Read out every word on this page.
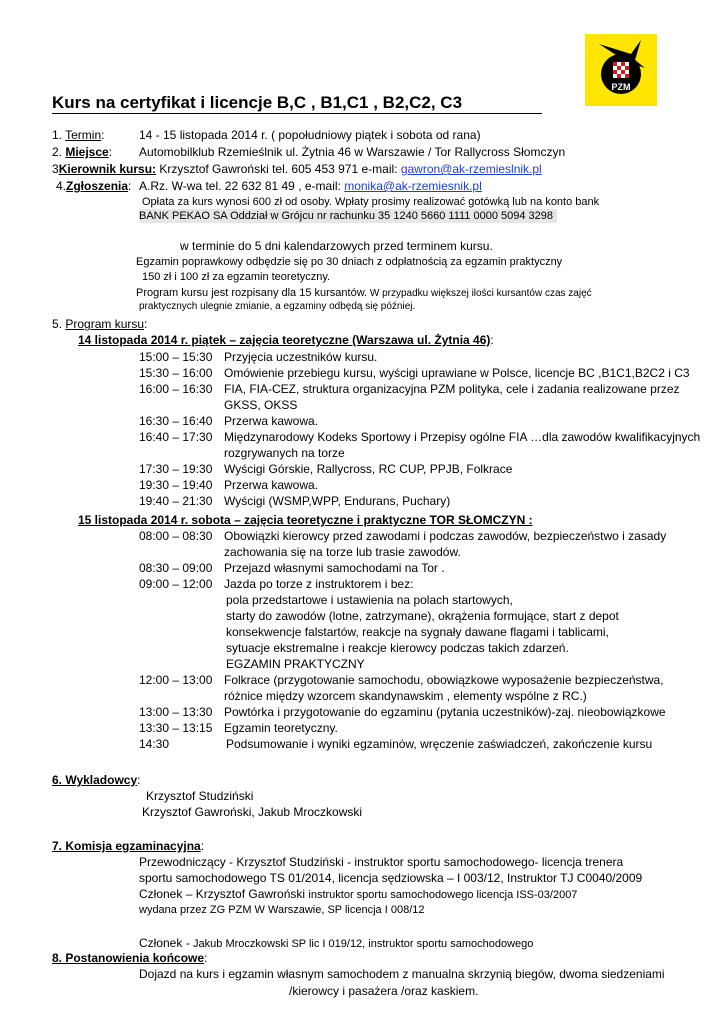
PZM
Kurs na certyfikat i licencje B,C , B1,C1 , B2,C2, C3
1. Termin:	14 - 15 listopada 2014 r. ( popołudniowy piątek i sobota od rana)
2. Miejsce: Automobilklub Rzemieślnik ul. Żytnia 46 w Warszawie / Tor Rallycross Słomczyn
3Kierownik kursu: Krzysztof Gawroński tel. 605 453 971 e-mail: gawron@ak-rzemieslnik.pl
4.Zgłoszenia: A.Rz. W-wa tel. 22 632 81 49 , e-mail: monika@ak-rzemiesnik.pl
Opłata za kurs wynosi 600 zł od osoby. Wpłaty prosimy realizować gotówką lub na konto bank
BANK PEKAO SA Oddział w Grójcu nr rachunku 35 1240 5660 1111 0000 5094 3298
w terminie do 5 dni kalendarzowych przed terminem kursu.
Egzamin poprawkowy odbędzie się po 30 dniach z odpłatnością za egzamin praktyczny
150 zł i 100 zł za egzamin teoretyczny.
Program kursu jest rozpisany dla 15 kursantów. W przypadku większej ilości kursantów czas zajęć
praktycznych ulegnie zmianie, a egzaminy odbędą się później.
5. Program kursu:
14 listopada 2014 r. piątek – zajęcia teoretyczne (Warszawa ul. Żytnia 46):
15:00 – 15:30 Przyjęcia uczestników kursu.
15:30 – 16:00 Omówienie przebiegu kursu, wyścigi uprawiane w Polsce, licencje BC ,B1C1,B2C2 i C3
16:00 – 16:30 FIA, FIA-CEZ, struktura organizacyjna PZM polityka, cele i zadania realizowane przez
GKSS, OKSS
16:30 – 16:40 Przerwa kawowa.
16:40 – 17:30 Międzynarodowy Kodeks Sportowy i Przepisy ogólne FIA …dla zawodów kwalifikacyjnych
rozgrywanych na torze
17:30 – 19:30 Wyścigi Górskie, Rallycross, RC CUP, PPJB, Folkrace
19:30 – 19:40 Przerwa kawowa.
19:40 – 21:30 Wyścigi (WSMP,WPP, Endurans, Puchary)
15 listopada 2014 r. sobota – zajęcia teoretyczne i praktyczne TOR SŁOMCZYN :
08:00 – 08:30 Obowiązki kierowcy przed zawodami i podczas zawodów, bezpieczeństwo i zasady
zachowania się na torze lub trasie zawodów.
08:30 – 09:00 Przejazd własnymi samochodami na Tor .
09:00 – 12:00 Jazda po torze z instruktorem i bez:
pola przedstartowe i ustawienia na polach startowych,
starty do zawodów (lotne, zatrzymane), okrążenia formujące, start z depot
konsekwencje falstartów, reakcje na sygnały dawane flagami i tablicami,
sytuacje ekstremalne i reakcje kierowcy podczas takich zdarzeń.
EGZAMIN PRAKTYCZNY
12:00 – 13:00 Folkrace (przygotowanie samochodu, obowiązkowe wyposażenie bezpieczeństwa,
różnice między wzorcem skandynawskim , elementy wspólne z RC.)
13:00 – 13:30 Powtórka i przygotowanie do egzaminu (pytania uczestników)-zaj. nieobowiązkowe
13:30 – 13:15 Egzamin teoretyczny.
14:30	Podsumowanie i wyniki egzaminów, wręczenie zaświadczeń, zakończenie kursu
6. Wykladowcy:
Krzysztof Studziński
Krzysztof Gawroński, Jakub Mroczkowski
7. Komisja egzaminacyjna:
Przewodniczący - Krzysztof Studziński - instruktor sportu samochodowego- licencja trenera
sportu samochodowego TS 01/2014, licencja sędziowska – I 003/12, Instruktor TJ C0040/2009
Członek – Krzysztof Gawroński instruktor sportu samochodowego licencja ISS-03/2007
wydana przez ZG PZM W Warszawie, SP licencja I 008/12
Członek - Jakub Mroczkowski SP lic I 019/12, instruktor sportu samochodowego
8. Postanowienia końcowe:
Dojazd na kurs i egzamin własnym samochodem z manualna skrzynią biegów, dwoma siedzeniami
/kierowcy i pasażera /oraz kaskiem.
